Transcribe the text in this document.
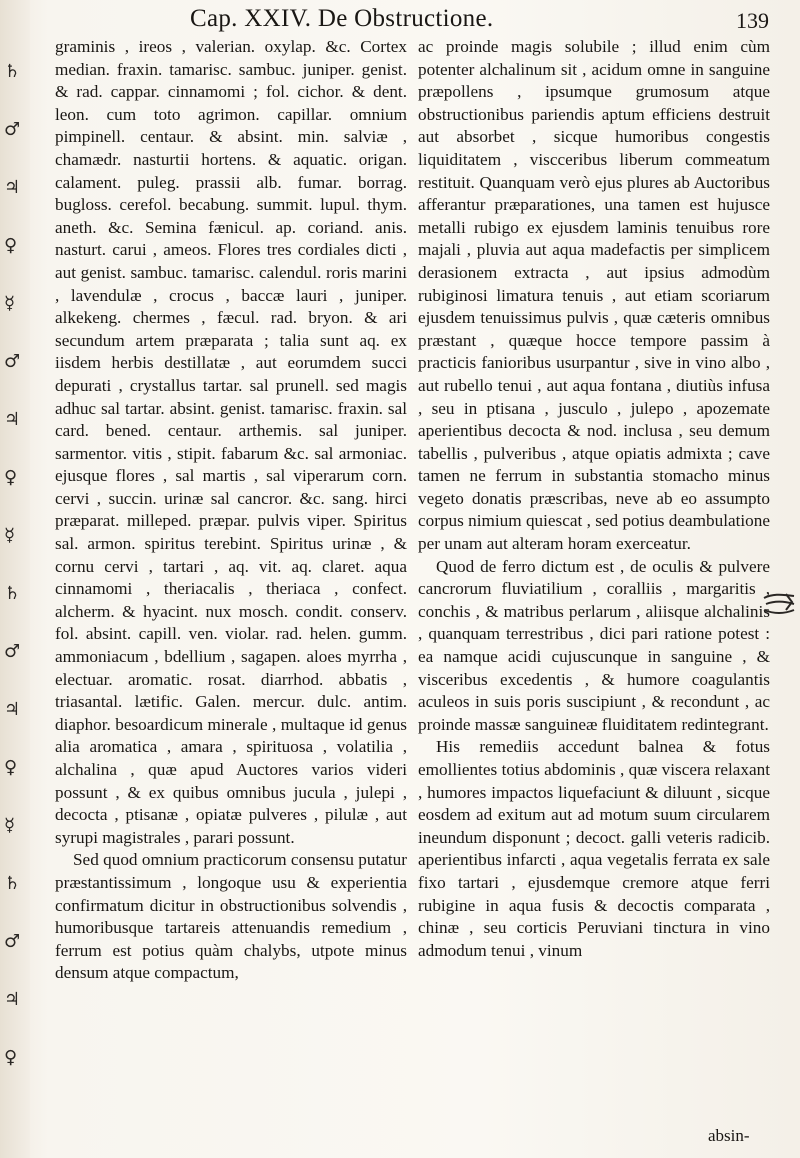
♄
♂
♃
♀
☿
♂
♃
♀
☿
♄
♂
♃
♀
☿
♄
♂
♃
♀
Cap. XXIV. De Obstructione.	139

graminis , ireos , valerian. oxylap. &c. Cortex median. fraxin. tamarisc. sambuc. juniper. genist. & rad. cappar. cinnamomi ; fol. cichor. & dent. leon. cum toto agrimon. capillar. omnium pimpinell. centaur. & absint. min. salviæ , chamædr. nasturtii hortens. & aquatic. origan. calament. puleg. prassii alb. fumar. borrag. bugloss. cerefol. becabung. summit. lupul. thym. aneth. &c. Semina fænicul. ap. coriand. anis. nasturt. carui , ameos. Flores tres cordiales dicti , aut genist. sambuc. tamarisc. calendul. roris marini , lavendulæ , crocus , baccæ lauri , juniper. alkekeng. chermes , fæcul. rad. bryon. & ari secundum artem præparata ; talia sunt aq. ex iisdem herbis destillatæ , aut eorumdem succi depurati , crystallus tartar. sal prunell. sed magis adhuc sal tartar. absint. genist. tamarisc. fraxin. sal card. bened. centaur. arthemis. sal juniper. sarmentor. vitis , stipit. fabarum &c. sal armoniac. ejusque flores , sal martis , sal viperarum corn. cervi , succin. urinæ sal cancror. &c. sang. hirci præparat. milleped. præpar. pulvis viper. Spiritus sal. armon. spiritus terebint. Spiritus urinæ , & cornu cervi , tartari , aq. vit. aq. claret. aqua cinnamomi , theriacalis , theriaca , confect. alcherm. & hyacint. nux mosch. condit. conserv. fol. absint. capill. ven. violar. rad. helen. gumm. ammoniacum , bdellium , sagapen. aloes myrrha , electuar. aromatic. rosat. diarrhod. abbatis , triasantal. lætific. Galen. mercur. dulc. antim. diaphor. besoardicum minerale , multaque id genus alia aromatica , amara , spirituosa , volatilia , alchalina , quæ apud Auctores varios videri possunt , & ex quibus omnibus jucula , julepi , decocta , ptisanæ , opiatæ pulveres , pilulæ , aut syrupi magistrales , parari possunt.

Sed quod omnium practicorum consensu putatur præstantissimum , longoque usu & experientia confirmatum dicitur in obstructionibus solvendis , humoribusque tartareis attenuandis remedium , ferrum est potius quàm chalybs, utpote minus densum atque compactum,

ac proinde magis solubile ; illud enim cùm potenter alchalinum sit , acidum omne in sanguine præpollens , ipsumque grumosum atque obstructionibus pariendis aptum efficiens destruit aut absorbet , sicque humoribus congestis liquiditatem , viscceribus liberum commeatum restituit. Quanquam verò ejus plures ab Auctoribus afferantur præparationes, una tamen est hujusce metalli rubigo ex ejusdem laminis tenuibus rore majali , pluvia aut aqua madefactis per simplicem derasionem extracta , aut ipsius admodùm rubiginosi limatura tenuis , aut etiam scoriarum ejusdem tenuissimus pulvis , quæ cæteris omnibus præstant , quæque hocce tempore passim à practicis fanioribus usurpantur , sive in vino albo , aut rubello tenui , aut aqua fontana , diutiùs infusa , seu in ptisana , jusculo , julepo , apozemate aperientibus decocta & nod. inclusa , seu demum tabellis , pulveribus , atque opiatis admixta ; cave tamen ne ferrum in substantia stomacho minus vegeto donatis præscribas, neve ab eo assumpto corpus nimium quiescat , sed potius deambulatione per unam aut alteram horam exerceatur.

Quod de ferro dictum est , de oculis & pulvere cancrorum fluviatilium , coralliis , margaritis , conchis , & matribus perlarum , aliisque alchalinis , quanquam terrestribus , dici pari ratione potest : ea namque acidi cujuscunque in sanguine , & visceribus excedentis , & humore coagulantis aculeos in suis poris suscipiunt , & recondunt , ac proinde massæ sanguineæ fluiditatem redintegrant.

His remediis accedunt balnea & fotus emollientes totius abdominis , quæ viscera relaxant , humores impactos liquefaciunt & diluunt , sicque eosdem ad exitum aut ad motum suum circularem ineundum disponunt ; decoct. galli veteris radicib. aperientibus infarcti , aqua vegetalis ferrata ex sale fixo tartari , ejusdemque cremore atque ferri rubigine in aqua fusis & decoctis comparata , chinæ , seu corticis Peruviani tinctura in vino admodum tenui , vinum

absin-
